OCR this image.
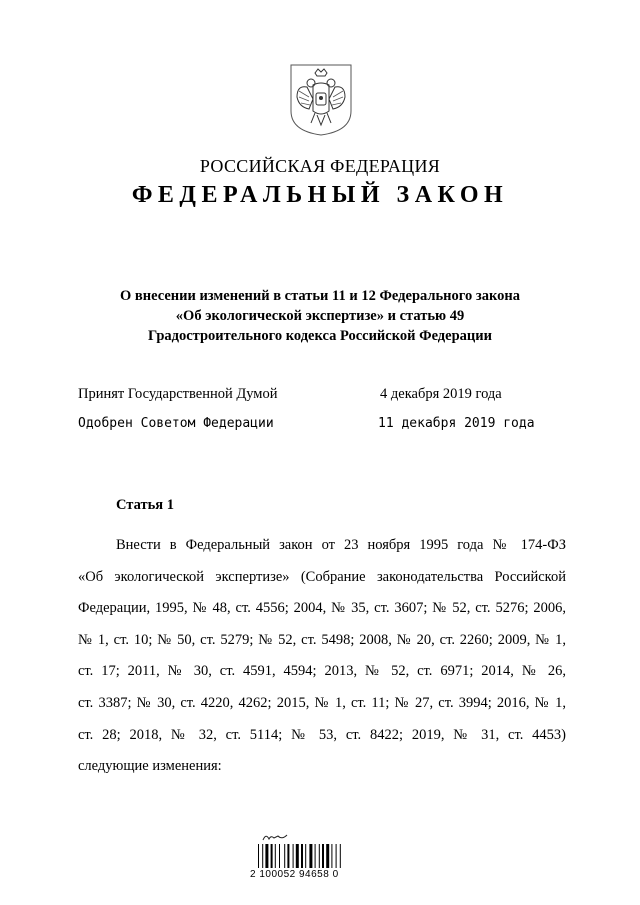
РОССИЙСКАЯ ФЕДЕРАЦИЯ
ФЕДЕРАЛЬНЫЙ ЗАКОН
О внесении изменений в статьи 11 и 12 Федерального закона
«Об экологической экспертизе» и статью 49
Градостроительного кодекса Российской Федерации
Принят Государственной Думой	4 декабря 2019 года
Одобрен Советом Федерации	11 декабря 2019 года
Статья 1
Внести в Федеральный закон от 23 ноября 1995 года № 174-ФЗ
«Об экологической экспертизе» (Собрание законодательства Российской
Федерации, 1995, № 48, ст. 4556; 2004, № 35, ст. 3607; № 52, ст. 5276; 2006,
№ 1, ст. 10; № 50, ст. 5279; № 52, ст. 5498; 2008, № 20, ст. 2260; 2009, № 1,
ст. 17; 2011, № 30, ст. 4591, 4594; 2013, № 52, ст. 6971; 2014, № 26,
ст. 3387; № 30, ст. 4220, 4262; 2015, № 1, ст. 11; № 27, ст. 3994; 2016, № 1,
ст. 28; 2018, № 32, ст. 5114; № 53, ст. 8422; 2019, № 31, ст. 4453)
следующие изменения:
2 100052 94658 0
